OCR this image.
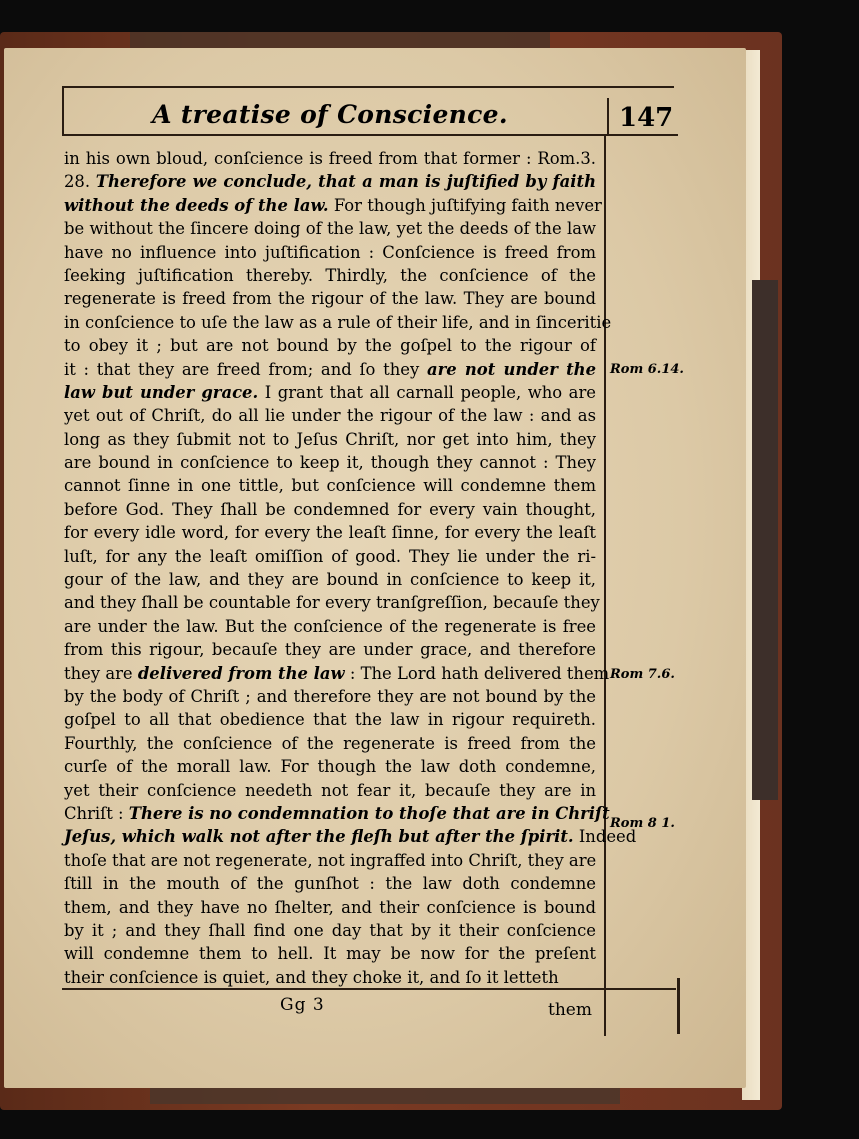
A treatise of Conscience.	147
in his own bloud, conſcience is freed from that former : Rom.3.
28. Therefore we conclude, that a man is juſtified by faith
without the deeds of the law. For though juſtifying faith never
be without the ſincere doing of the law, yet the deeds of the law
have no influence into juſtification : Conſcience is freed from
ſeeking juſtification thereby. Thirdly, the conſcience of the
regenerate is freed from the rigour of the law. They are bound
in conſcience to uſe the law as a rule of their life, and in ſinceritie
to obey it ; but are not bound by the goſpel to the rigour of
it : that they are freed from; and ſo they are not under the
law but under grace. I grant that all carnall people, who are
yet out of Chriſt, do all lie under the rigour of the law : and as
long as they ſubmit not to Jeſus Chriſt, nor get into him, they
are bound in conſcience to keep it, though they cannot : They
cannot ſinne in one tittle, but conſcience will condemne them
before God. They ſhall be condemned for every vain thought,
for every idle word, for every the leaſt ſinne, for every the leaſt
luſt, for any the leaſt omiſſion of good. They lie under the ri-
gour of the law, and they are bound in conſcience to keep it,
and they ſhall be countable for every tranſgreſſion, becauſe they
are under the law. But the conſcience of the regenerate is free
from this rigour, becauſe they are under grace, and therefore
they are delivered from the law : The Lord hath delivered them
by the body of Chriſt ; and therefore they are not bound by the
goſpel to all that obedience that the law in rigour requireth.
Fourthly, the conſcience of the regenerate is freed from the
curſe of the morall law. For though the law doth condemne,
yet their conſcience needeth not fear it, becauſe they are in
Chriſt : There is no condemnation to thoſe that are in Chriſt
Jeſus, which walk not after the fleſh but after the ſpirit. Indeed
thoſe that are not regenerate, not ingraffed into Chriſt, they are
ſtill in the mouth of the gunſhot : the law doth condemne
them, and they have no ſhelter, and their conſcience is bound
by it ; and they ſhall find one day that by it their conſcience
will condemne them to hell. It may be now for the preſent
their conſcience is quiet, and they choke it, and ſo it letteth
Rom 6.14.
Rom 7.6.
Rom 8 1.
Gg 3	them
